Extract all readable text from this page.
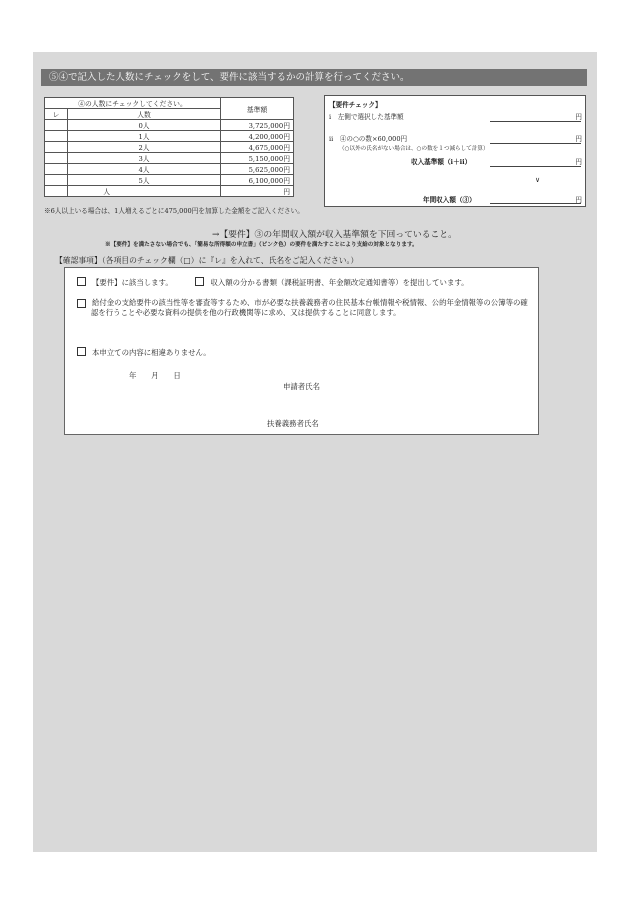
⑤④で記入した人数にチェックをして、要件に該当するかの計算を行ってください。
④の人数にチェックしてください。		基準額
レ	人数	
	0人	3,725,000円
	1人	4,200,000円
	2人	4,675,000円
	3人	5,150,000円
	4人	5,625,000円
	5人	6,100,000円
	人	円
※6人以上いる場合は、1人増えるごとに475,000円を加算した金額をご記入ください。
【要件チェック】
ⅰ　左側で選択した基準額	円
ⅱ　④の○の数×60,000円	円
（○以外の氏名がない場合は、○の数を１つ減らして計算）
収入基準額（ⅰ＋ⅱ）	円
∨
年間収入額（③）	円
→【要件】③の年間収入額が収入基準額を下回っていること。
※【要件】を満たさない場合でも、「簡易な所得額の申立書」（ピンク色）の要件を満たすことにより支給の対象となります。
【確認事項】（各項目のチェック欄（□）に『レ』を入れて、氏名をご記入ください。）
【要件】に該当します。	収入額の分かる書類（課税証明書、年金額改定通知書等）を提出しています。
給付金の支給要件の該当性等を審査等するため、市が必要な扶養義務者の住民基本台帳情報や税情報、公的年金情報等の公簿等の確認を行うことや必要な資料の提供を他の行政機関等に求め、又は提供することに同意します。
本申立ての内容に相違ありません。
年　　月　　日
申請者氏名
扶養義務者氏名
